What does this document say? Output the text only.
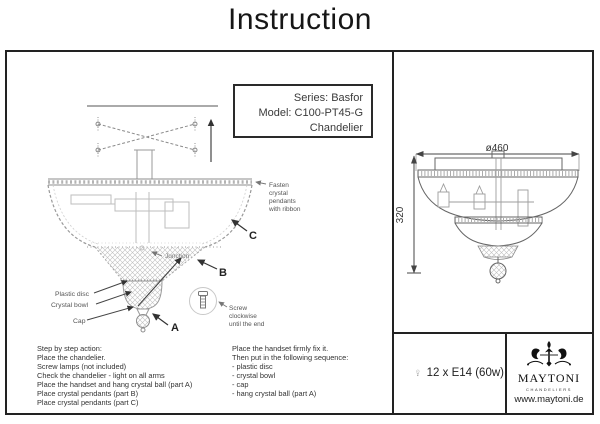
Instruction
Junction
B
C
A
Fasten
crystal
pendants
with ribbon
Plastic disc
Crystal bowl
Cap
Screw
clockwise
until the end
Series: Basfor
Model: C100-PT45-G
Chandelier
Step by step action:
Place the chandelier.
Screw lamps (not included)
Check the chandelier - light on all arms
Place the handset and hang crystal ball (part A)
Place crystal pendants (part B)
Place crystal pendants (part C)
Place the handset firmly fix it.
Then put in the following sequence:
- plastic disc
- crystal bowl
- cap
- hang crystal ball (part A)
ø460
320
12 x E14 (60w) MAYTONI
CHANDELIERS
www.maytoni.de
